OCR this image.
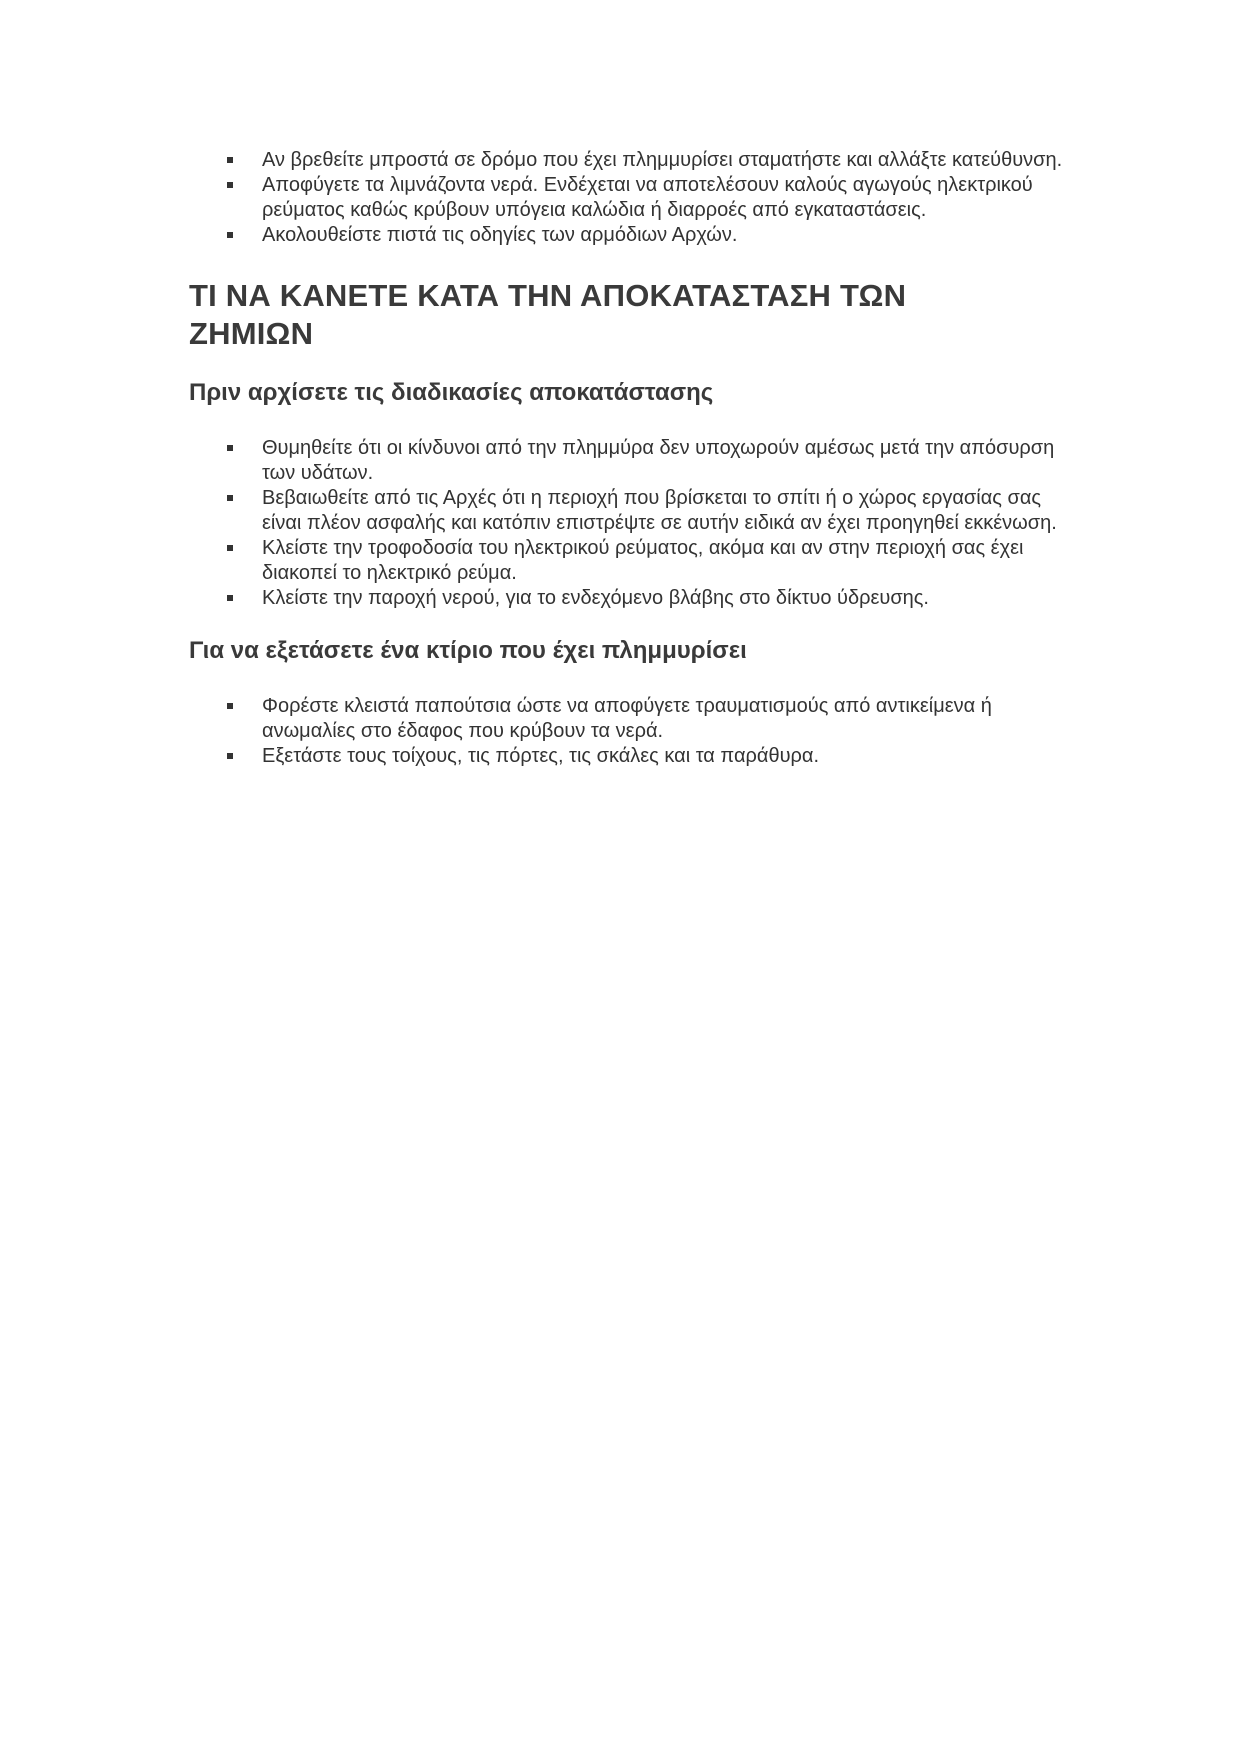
Αν βρεθείτε μπροστά σε δρόμο που έχει πλημμυρίσει σταματήστε και αλλάξτε κατεύθυνση.
Αποφύγετε τα λιμνάζοντα νερά. Ενδέχεται να αποτελέσουν καλούς αγωγούς ηλεκτρικού ρεύματος καθώς κρύβουν υπόγεια καλώδια ή διαρροές από εγκαταστάσεις.
Ακολουθείστε πιστά τις οδηγίες των αρμόδιων Αρχών.
ΤΙ ΝΑ ΚΑΝΕΤΕ ΚΑΤΑ ΤΗΝ ΑΠΟΚΑΤΑΣΤΑΣΗ ΤΩΝ
ΖΗΜΙΩΝ
Πριν αρχίσετε τις διαδικασίες αποκατάστασης
Θυμηθείτε ότι οι κίνδυνοι από την πλημμύρα δεν υποχωρούν αμέσως μετά την απόσυρση των υδάτων.
Βεβαιωθείτε από τις Αρχές ότι η περιοχή που βρίσκεται το σπίτι ή ο χώρος εργασίας σας είναι πλέον ασφαλής και κατόπιν επιστρέψτε σε αυτήν ειδικά αν έχει προηγηθεί εκκένωση.
Κλείστε την τροφοδοσία του ηλεκτρικού ρεύματος, ακόμα και αν στην περιοχή σας έχει διακοπεί το ηλεκτρικό ρεύμα.
Κλείστε την παροχή νερού, για το ενδεχόμενο βλάβης στο δίκτυο ύδρευσης.
Για να εξετάσετε ένα κτίριο που έχει πλημμυρίσει
Φορέστε κλειστά παπούτσια ώστε να αποφύγετε τραυματισμούς από αντικείμενα ή ανωμαλίες στο έδαφος που κρύβουν τα νερά.
Εξετάστε τους τοίχους, τις πόρτες, τις σκάλες και τα παράθυρα.
